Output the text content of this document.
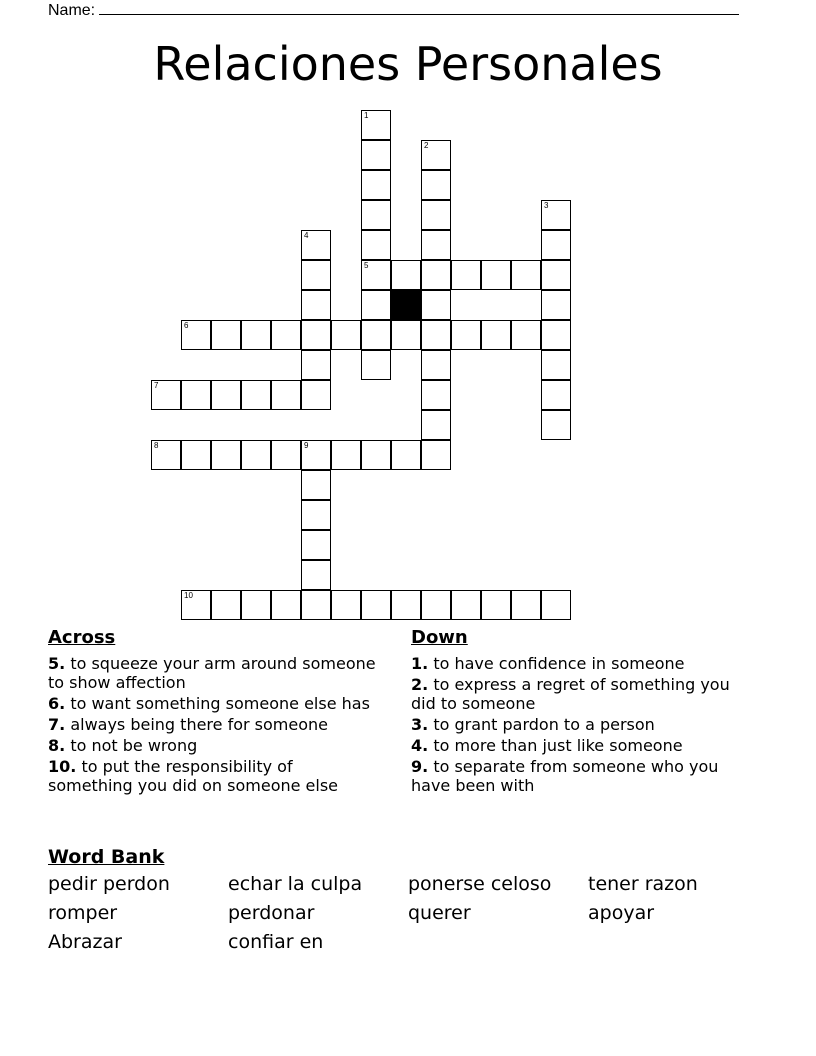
Name:
Relaciones Personales
1
5
2
3
4
6
7
8	9
10
Across
5. to squeeze your arm around someone to show affection
6. to want something someone else has
7. always being there for someone
8. to not be wrong
10. to put the responsibility of something you did on someone else
Down
1. to have confidence in someone
2. to express a regret of something you did to someone
3. to grant pardon to a person
4. to more than just like someone
9. to separate from someone who you have been with
Word Bank
pedir perdon	echar la culpa	ponerse celoso	tener razon
romper	perdonar	querer	apoyar
Abrazar	confiar en
